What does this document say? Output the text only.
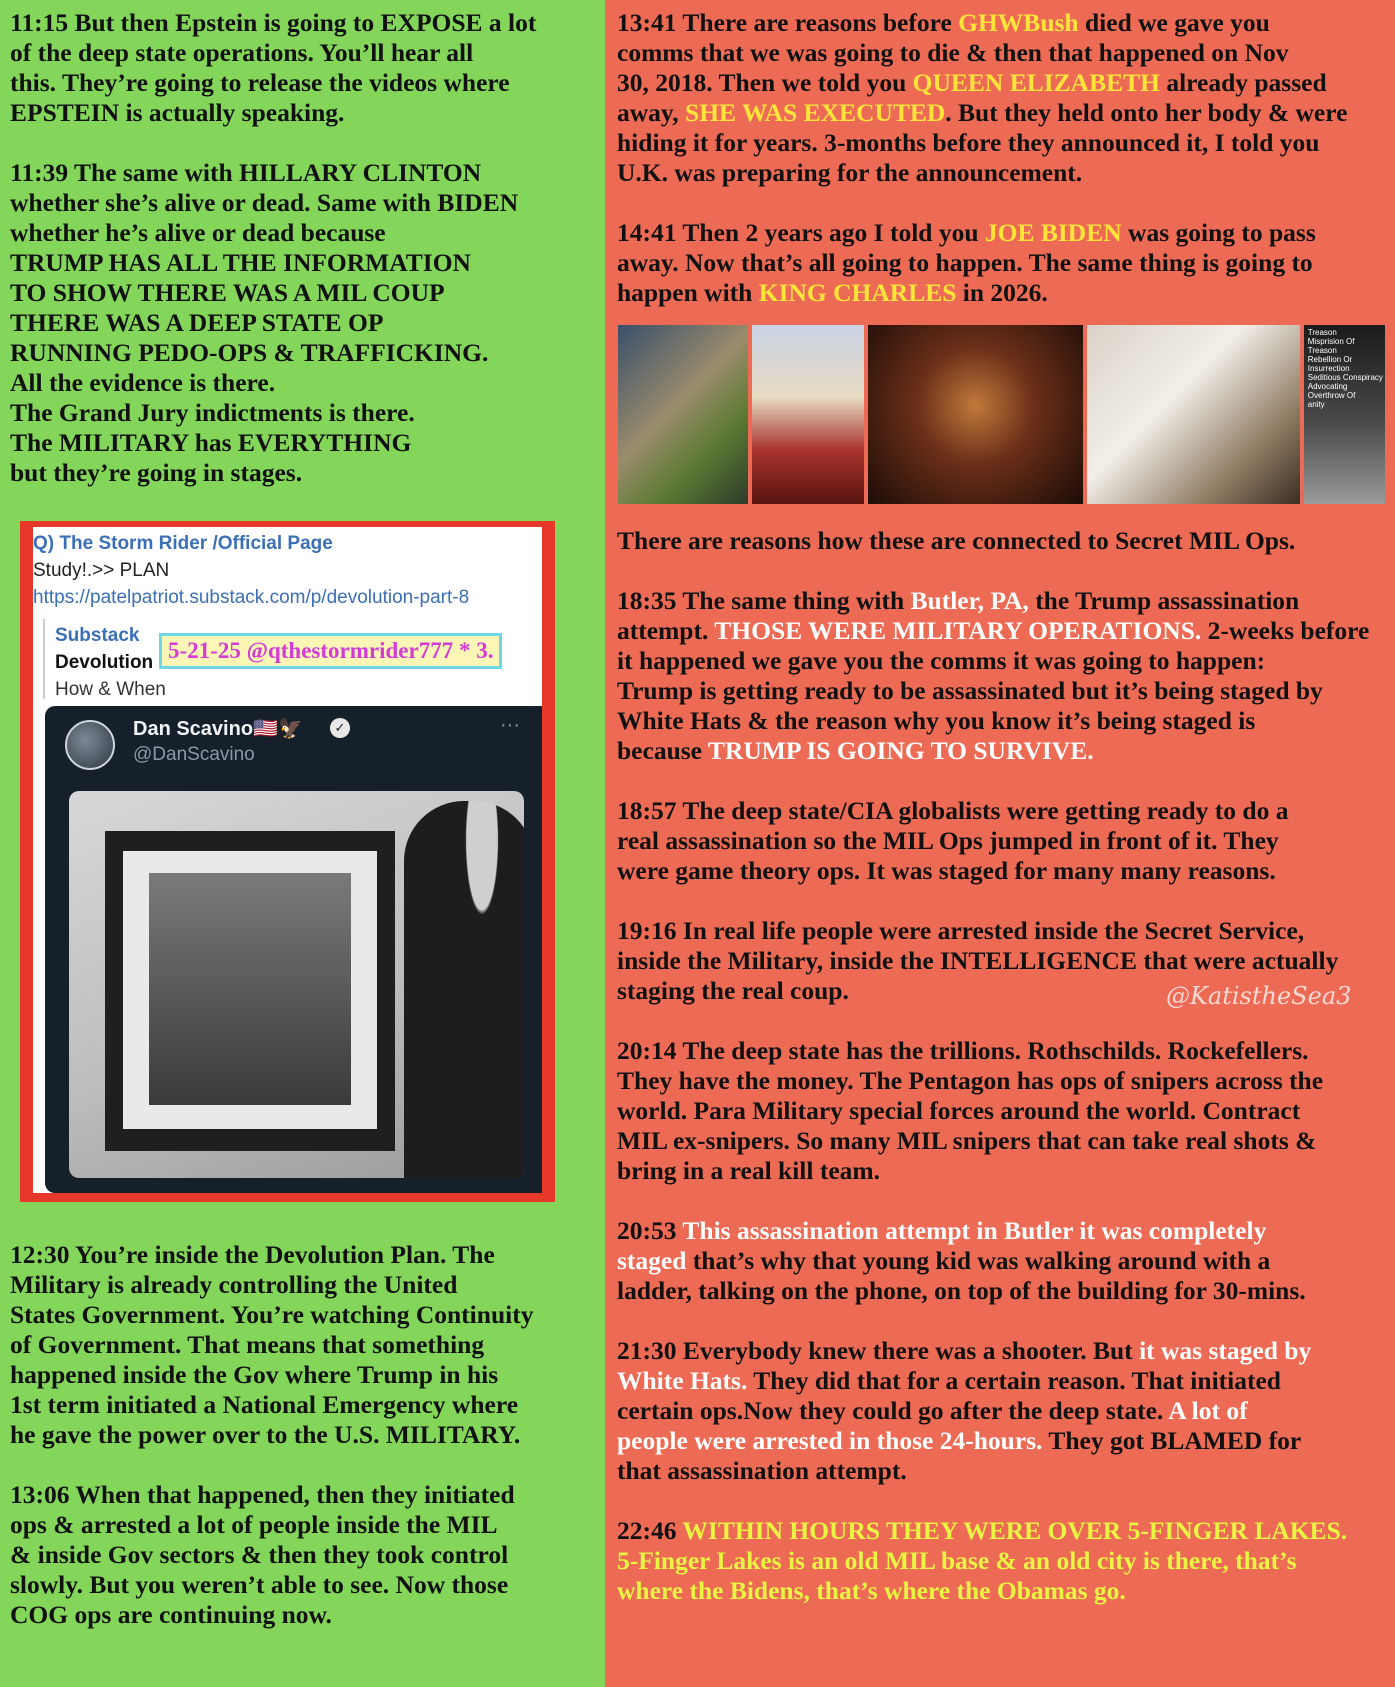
11:15 But then Epstein is going to EXPOSE a lot
of the deep state operations. You’ll hear all
this. They’re going to release the videos where
EPSTEIN is actually speaking.

11:39 The same with HILLARY CLINTON
whether she’s alive or dead. Same with BIDEN
whether he’s alive or dead because
TRUMP HAS ALL THE INFORMATION
TO SHOW THERE WAS A MIL COUP
THERE WAS A DEEP STATE OP
RUNNING PEDO-OPS & TRAFFICKING.
All the evidence is there.
The Grand Jury indictments is there.
The MILITARY has EVERYTHING
but they’re going in stages.

Q) The Storm Rider /Official Page
Study!.>> PLAN
https://patelpatriot.substack.com/p/devolution-part-8
Substack
Devolution
How & When
5-21-25 @qthestormrider777 * 3.
Dan Scavino🇺🇸🦅	✓
@DanScavino
···

12:30 You’re inside the Devolution Plan. The
Military is already controlling the United
States Government. You’re watching Continuity
of Government. That means that something
happened inside the Gov where Trump in his
1st term initiated a National Emergency where
he gave the power over to the U.S. MILITARY.

13:06 When that happened, then they initiated
ops & arrested a lot of people inside the MIL
& inside Gov sectors & then they took control
slowly. But you weren’t able to see. Now those
COG ops are continuing now.

13:41 There are reasons before GHWBush died we gave you
comms that we was going to die & then that happened on Nov
30, 2018. Then we told you QUEEN ELIZABETH already passed
away, SHE WAS EXECUTED. But they held onto her body & were
hiding it for years. 3-months before they announced it, I told you
U.K. was preparing for the announcement.

14:41 Then 2 years ago I told you JOE BIDEN was going to pass
away. Now that’s all going to happen. The same thing is going to
happen with KING CHARLES in 2026.

Treason
Misprision Of Treason
Rebellion Or Insurrection
Seditious Conspiracy
Advocating Overthrow Of
anity

There are reasons how these are connected to Secret MIL Ops.

18:35 The same thing with Butler, PA, the Trump assassination
attempt. THOSE WERE MILITARY OPERATIONS. 2-weeks before
it happened we gave you the comms it was going to happen:
Trump is getting ready to be assassinated but it’s being staged by
White Hats & the reason why you know it’s being staged is
because TRUMP IS GOING TO SURVIVE.

18:57 The deep state/CIA globalists were getting ready to do a
real assassination so the MIL Ops jumped in front of it. They
were game theory ops. It was staged for many many reasons.

19:16 In real life people were arrested inside the Secret Service,
inside the Military, inside the INTELLIGENCE that were actually
staging the real coup.

20:14 The deep state has the trillions. Rothschilds. Rockefellers.
They have the money. The Pentagon has ops of snipers across the
world. Para Military special forces around the world. Contract
MIL ex-snipers. So many MIL snipers that can take real shots &
bring in a real kill team.

20:53 This assassination attempt in Butler it was completely
staged that’s why that young kid was walking around with a
ladder, talking on the phone, on top of the building for 30-mins.

21:30 Everybody knew there was a shooter. But it was staged by
White Hats. They did that for a certain reason. That initiated
certain ops.Now they could go after the deep state. A lot of
people were arrested in those 24-hours. They got BLAMED for
that assassination attempt.

22:46 WITHIN HOURS THEY WERE OVER 5-FINGER LAKES.
5-Finger Lakes is an old MIL base & an old city is there, that’s
where the Bidens, that’s where the Obamas go.

@KatistheSea3
